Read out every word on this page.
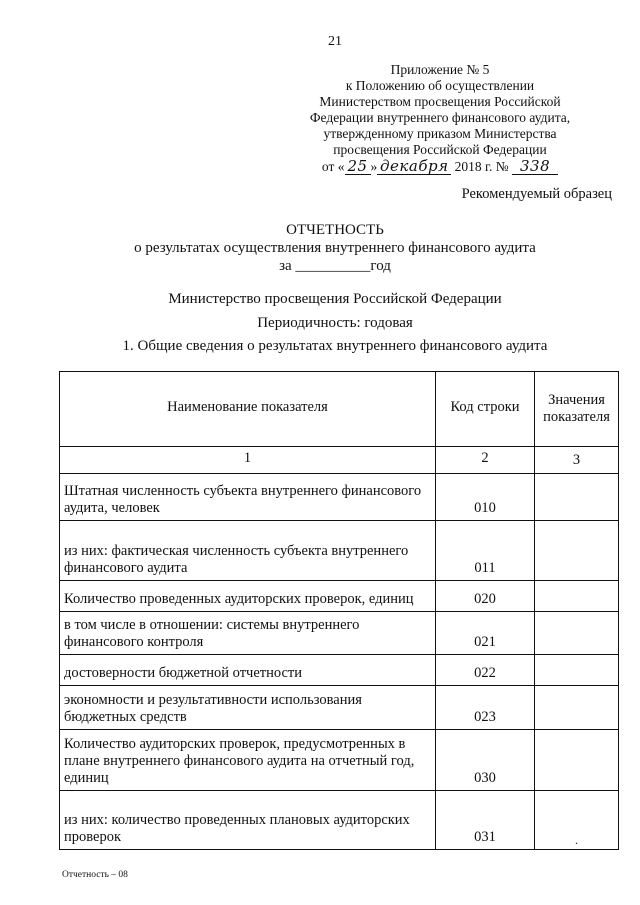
21
Приложение № 5
к Положению об осуществлении
Министерством просвещения Российской
Федерации внутреннего финансового аудита,
утвержденному приказом Министерства
просвещения Российской Федерации
от « 25 » декабря 2018 г. № 338
Рекомендуемый образец
ОТЧЕТНОСТЬ
о результатах осуществления внутреннего финансового аудита
за __________год
Министерство просвещения Российской Федерации
Периодичность: годовая
1. Общие сведения о результатах внутреннего финансового аудита
Наименование показателя	Код строки	Значения показателя
1	2	3
Штатная численность субъекта внутреннего финансового аудита, человек	010	
из них: фактическая численность субъекта внутреннего финансового аудита	011	
Количество проведенных аудиторских проверок, единиц	020	
в том числе в отношении: системы внутреннего финансового контроля	021	
достоверности бюджетной отчетности	022	
экономности и результативности использования бюджетных средств	023	
Количество аудиторских проверок, предусмотренных в плане внутреннего финансового аудита на отчетный год, единиц	030	
из них: количество проведенных плановых аудиторских проверок	031	.
Отчетность – 08
